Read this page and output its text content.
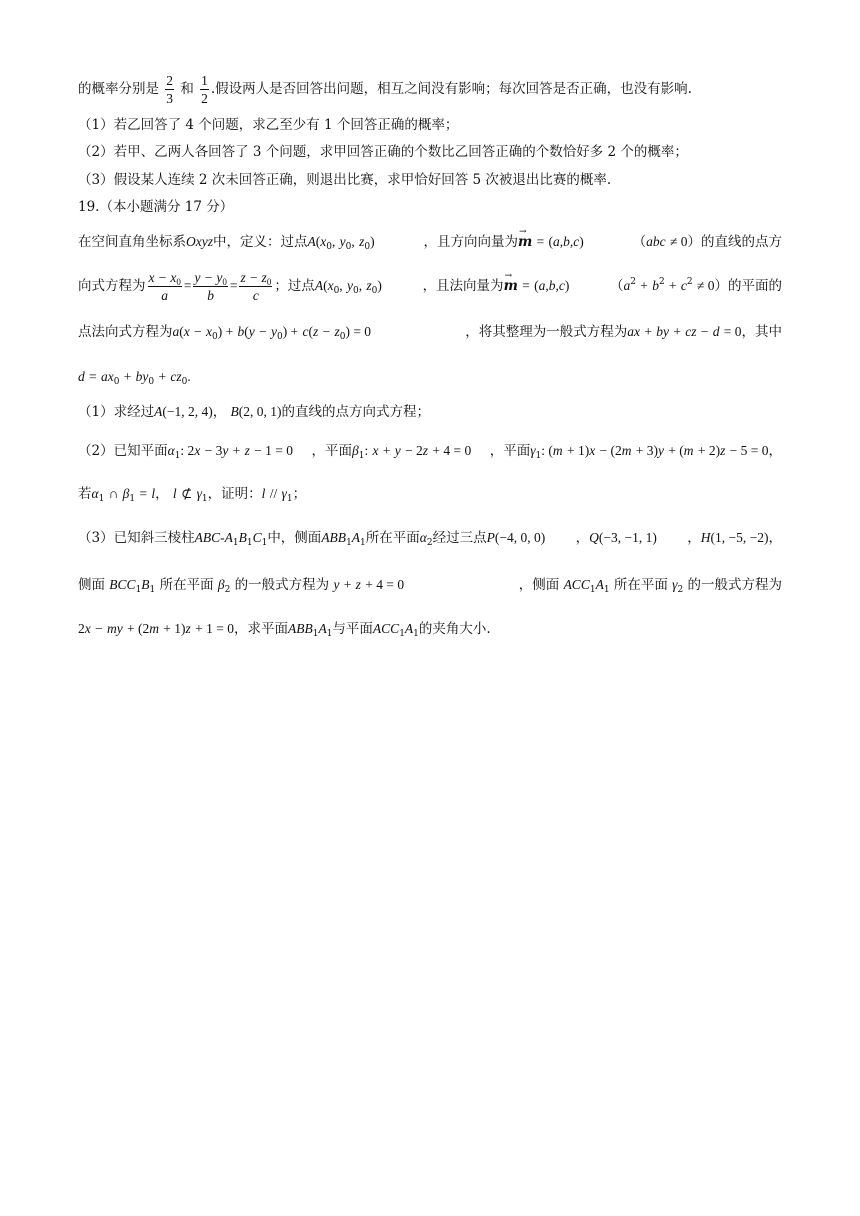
的概率分别是 $\frac{2}{3}$ 和 $\frac{1}{2}$ .假设两人是否回答出问题，相互之间没有影响；每次回答是否正确，也没有影响.
（1）若乙回答了 4 个问题，求乙至少有 1 个回答正确的概率；
（2）若甲、乙两人各回答了 3 个问题，求甲回答正确的个数比乙回答正确的个数恰好多 2 个的概率；
（3）假设某人连续 2 次未回答正确，则退出比赛，求甲恰好回答 5 次被退出比赛的概率.
19.（本小题满分 17 分）
在空间直角坐标系Oxyz中，定义：过点$A(x_0$, $y_0$, $z_0$)	，且方向向量为→ m = (a,b,c)	（abc ≠ 0）的直线的点方
向式方程为 $\frac{x - x_0}{a} = \frac{y - y_0}{b} = \frac{z - z_0}{c}$ ；过点$A(x_0$, $y_0$, $z_0$)	，且法向量为→ m = (a,b,c)	$(a^2 + b^2 + c^2 \ne 0)$的平面的
点法向式方程为$a(x - x_0) + b(y - y_0) + c(z - z_0) = 0$	，将其整理为一般式方程为ax + by + cz − d = 0，其中
$d = ax_0 + by_0 + cz_0$.
（1）求经过A(−1, 2, 4)， B(2, 0, 1)的直线的点方向式方程；
（2）已知平面$\alpha_1$: 2x − 3y + z − 1 = 0 ，平面$\beta_1$: x + y − 2z + 4 = 0 ，平面$\gamma_1$: (m + 1)x − (2m + 3)y + (m + 2)z − 5 = 0，
若$\alpha_1$ ∩ $\beta_1 = l$， l ⊄ $\gamma_1$，证明：l // $\gamma_1$；
（3）已知斜三棱柱ABC-$A_1B_1C_1$中，侧面$ABB_1A_1$所在平面$\alpha_2$经过三点P(−4, 0, 0) ，Q(−3, −1, 1) ，H(1, −5, −2)，
侧面 $BCC_1B_1$ 所在平面 $\beta_2$ 的一般式方程为 y + z + 4 = 0	，侧面 $ACC_1A_1$ 所在平面 $\gamma_2$ 的一般式方程为
2x − my + (2m + 1)z + 1 = 0，求平面$ABB_1A_1$与平面$ACC_1A_1$的夹角大小.
